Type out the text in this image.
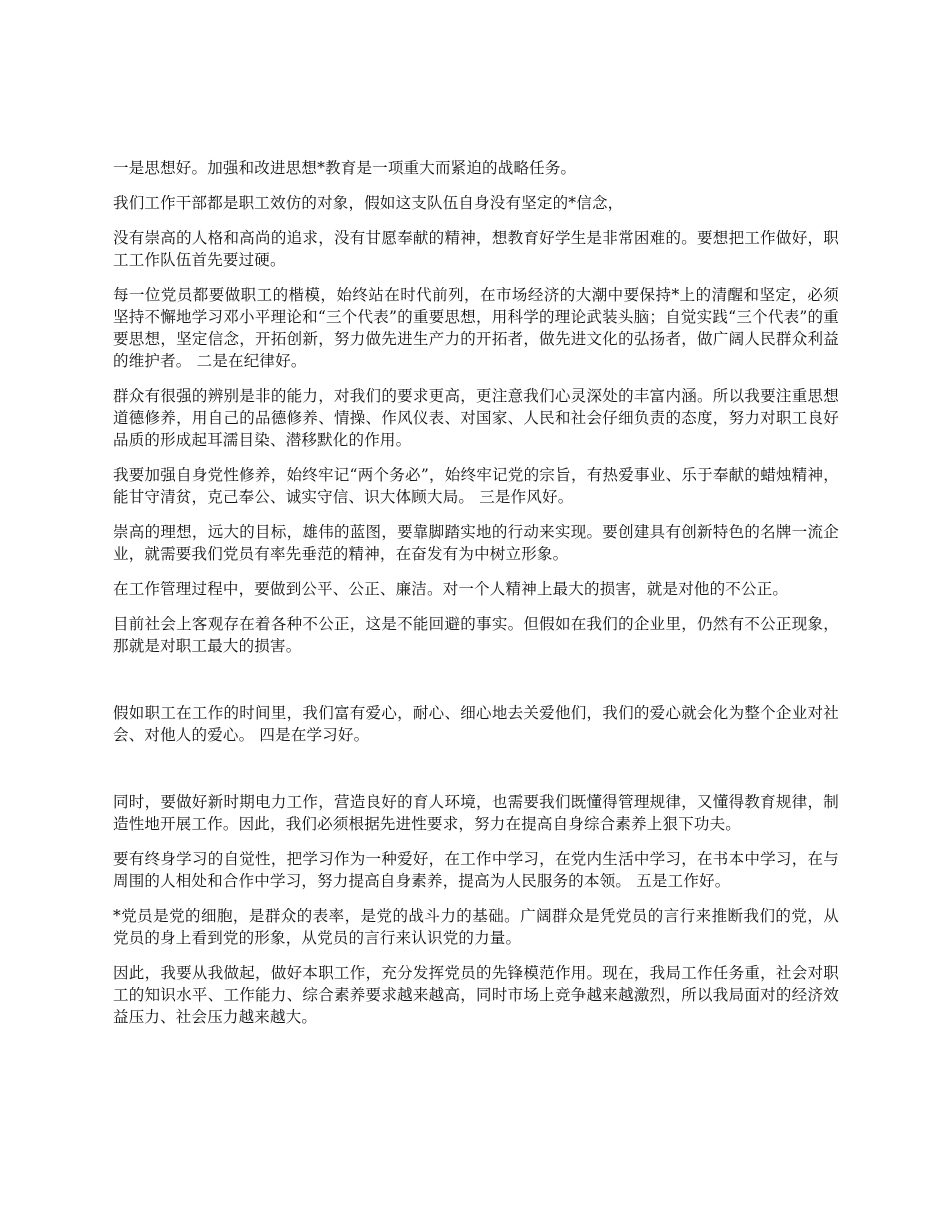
一是思想好。加强和改进思想*教育是一项重大而紧迫的战略任务。

我们工作干部都是职工效仿的对象，假如这支队伍自身没有坚定的*信念，

没有崇高的人格和高尚的追求，没有甘愿奉献的精神，想教育好学生是非常困难的。要想把工作做好，职工工作队伍首先要过硬。

每一位党员都要做职工的楷模，始终站在时代前列，在市场经济的大潮中要保持*上的清醒和坚定，必须坚持不懈地学习邓小平理论和“三个代表”的重要思想，用科学的理论武装头脑；自觉实践“三个代表”的重要思想，坚定信念，开拓创新，努力做先进生产力的开拓者，做先进文化的弘扬者，做广阔人民群众利益的维护者。 二是在纪律好。

群众有很强的辨别是非的能力，对我们的要求更高，更注意我们心灵深处的丰富内涵。所以我要注重思想道德修养，用自己的品德修养、情操、作风仪表、对国家、人民和社会仔细负责的态度，努力对职工良好品质的形成起耳濡目染、潜移默化的作用。

我要加强自身党性修养，始终牢记“两个务必”，始终牢记党的宗旨，有热爱事业、乐于奉献的蜡烛精神，能甘守清贫，克己奉公、诚实守信、识大体顾大局。 三是作风好。

崇高的理想，远大的目标，雄伟的蓝图，要靠脚踏实地的行动来实现。要创建具有创新特色的名牌一流企业，就需要我们党员有率先垂范的精神，在奋发有为中树立形象。

在工作管理过程中，要做到公平、公正、廉洁。对一个人精神上最大的损害，就是对他的不公正。

目前社会上客观存在着各种不公正，这是不能回避的事实。但假如在我们的企业里，仍然有不公正现象，那就是对职工最大的损害。

假如职工在工作的时间里，我们富有爱心，耐心、细心地去关爱他们，我们的爱心就会化为整个企业对社会、对他人的爱心。 四是在学习好。

同时，要做好新时期电力工作，营造良好的育人环境，也需要我们既懂得管理规律，又懂得教育规律，制造性地开展工作。因此，我们必须根据先进性要求，努力在提高自身综合素养上狠下功夫。

要有终身学习的自觉性，把学习作为一种爱好，在工作中学习，在党内生活中学习，在书本中学习，在与周围的人相处和合作中学习，努力提高自身素养，提高为人民服务的本领。 五是工作好。

*党员是党的细胞，是群众的表率，是党的战斗力的基础。广阔群众是凭党员的言行来推断我们的党，从党员的身上看到党的形象，从党员的言行来认识党的力量。

因此，我要从我做起，做好本职工作，充分发挥党员的先锋模范作用。现在，我局工作任务重，社会对职工的知识水平、工作能力、综合素养要求越来越高，同时市场上竞争越来越激烈，所以我局面对的经济效益压力、社会压力越来越大。
